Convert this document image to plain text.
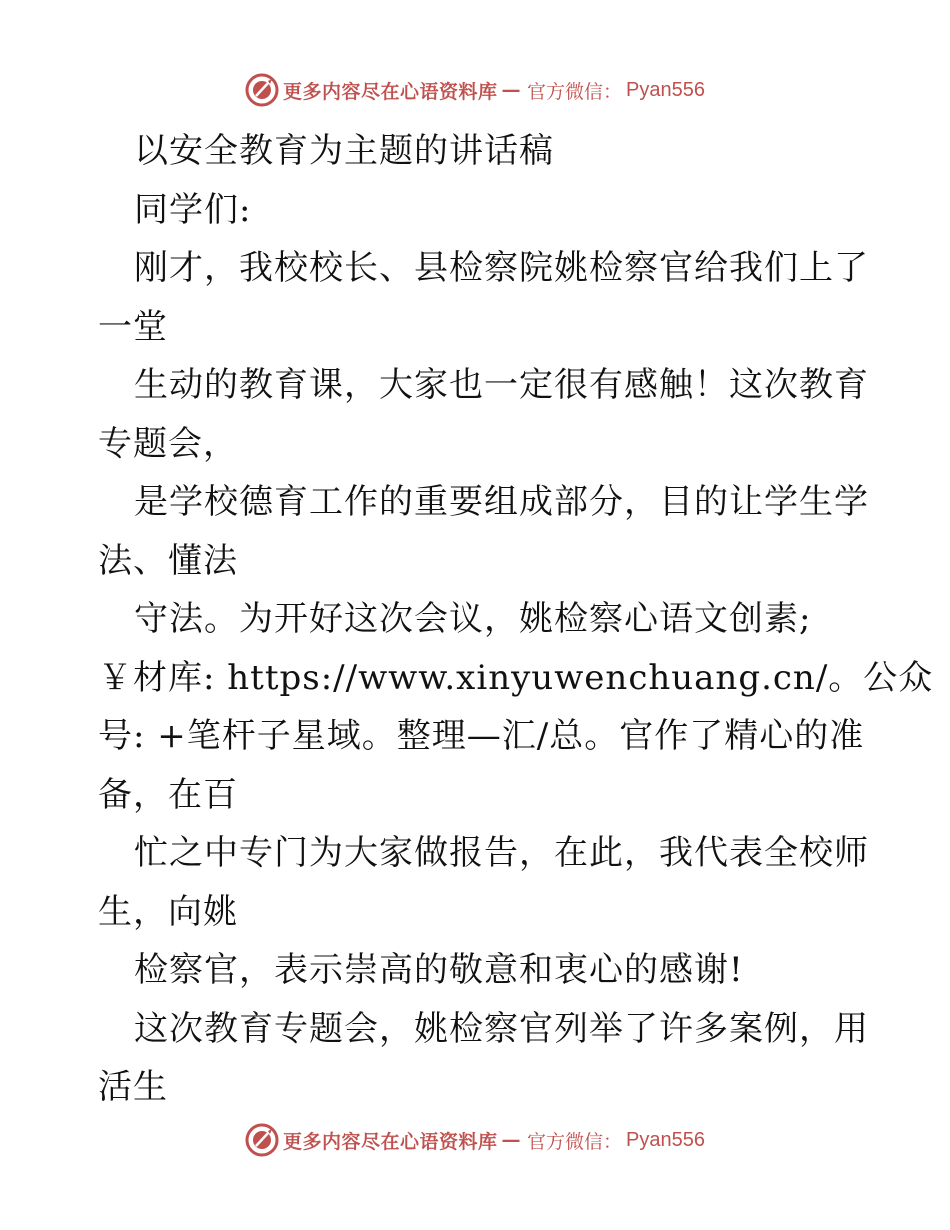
更多内容尽在心语资料库 — 官方微信： Pyan556
以安全教育为主题的讲话稿
同学们:
刚才，我校校长、县检察院姚检察官给我们上了
一堂
生动的教育课，大家也一定很有感触！这次教育
专题会，
是学校德育工作的重要组成部分，目的让学生学
法、懂法
守法。为开好这次会议，姚检察心语文创素;
￥材库: https://www.xinyuwenchuang.cn/。公众
号: +笔杆子星域。整理—汇/总。官作了精心的准
备，在百
忙之中专门为大家做报告，在此，我代表全校师
生，向姚
检察官，表示崇高的敬意和衷心的感谢!
这次教育专题会，姚检察官列举了许多案例，用
活生
更多内容尽在心语资料库 — 官方微信： Pyan556
